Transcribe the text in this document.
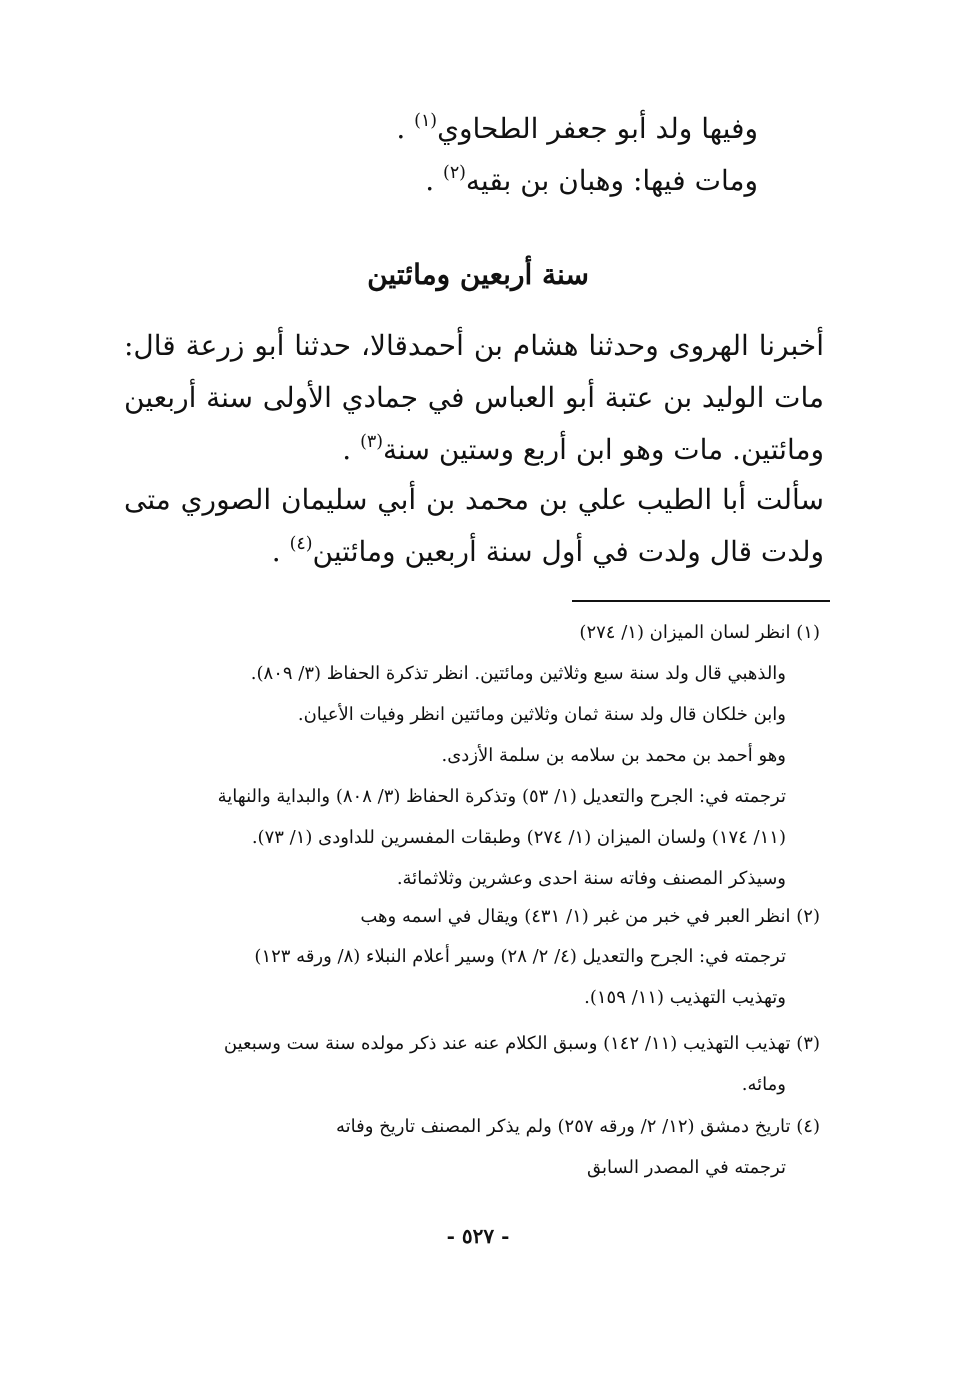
وفيها ولد أبو جعفر الطحاوي$^{(١)}$ .

ومات فيها: وهبان بن بقيه$^{(٢)}$ .

سنة أربعين ومائتين

أخبرنا الهروى وحدثنا هشام بن أحمدقالا، حدثنا أبو زرعة قال: مات الوليد بن عتبة أبو العباس في جمادي الأولى سنة أربعين ومائتين. مات وهو ابن أربع وستين سنة$^{(٣)}$ .

سألت أبا الطيب علي بن محمد بن أبي سليمان الصوري متى ولدت قال ولدت في أول سنة أربعين ومائتين$^{(٤)}$ .

(١) انظر لسان الميزان (١/ ٢٧٤)

والذهبي قال ولد سنة سبع وثلاثين ومائتين. انظر تذكرة الحفاظ (٣/ ٨٠٩).

وابن خلكان قال ولد سنة ثمان وثلاثين ومائتين انظر وفيات الأعيان.

وهو أحمد بن محمد بن سلامه بن سلمة الأزدى.

ترجمته في: الجرح والتعديل (١/ ٥٣) وتذكرة الحفاظ (٣/ ٨٠٨) والبداية والنهاية

(١١/ ١٧٤) ولسان الميزان (١/ ٢٧٤) وطبقات المفسرين للداودى (١/ ٧٣).

وسيذكر المصنف وفاته سنة احدى وعشرين وثلاثمائة.

(٢) انظر العبر في خبر من غبر (١/ ٤٣١) ويقال في اسمه وهب

ترجمته في: الجرح والتعديل (٤/ ٢/ ٢٨) وسير أعلام النبلاء (٨/ ورقه ١٢٣)

وتهذيب التهذيب (١١/ ١٥٩).

(٣) تهذيب التهذيب (١١/ ١٤٢) وسبق الكلام عنه عند ذكر مولده سنة ست وسبعين

ومائه.

(٤) تاريخ دمشق (١٢/ ٢/ ورقه ٢٥٧) ولم يذكر المصنف تاريخ وفاته

ترجمته في المصدر السابق

- ٥٢٧ -
